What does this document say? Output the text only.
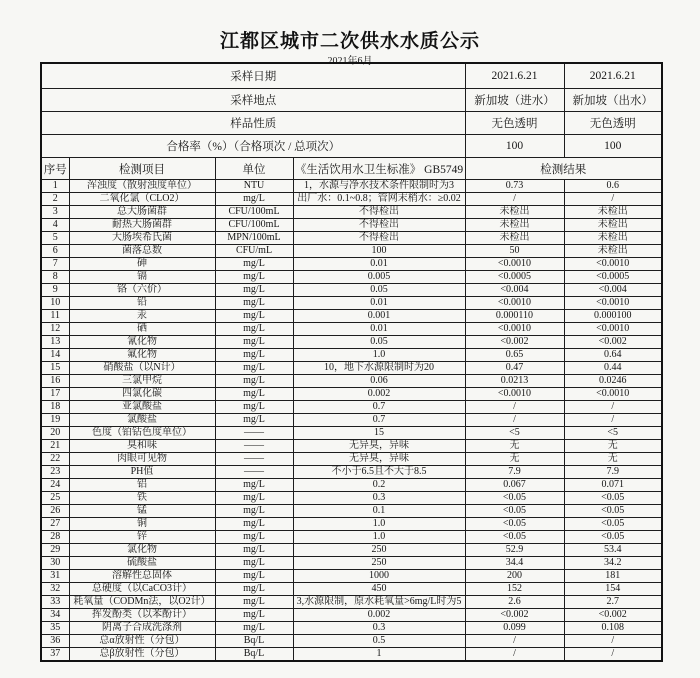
江都区城市二次供水水质公示
2021年6月
采样日期				2021.6.21	2021.6.21
采样地点				新加坡（进水）	新加坡（出水）
样品性质				无色透明	无色透明
合格率（%）（合格项次 / 总项次）				100	100
序号	检测项目	单位	《生活饮用水卫生标准》 GB5749	检测结果	
1	浑浊度（散射浊度单位）	NTU	1，水源与净水技术条件限制时为3	0.73	0.6
2	二氧化氯（CLO2）	mg/L	出厂水：0.1~0.8；管网末梢水：≥0.02	/	/
3	总大肠菌群	CFU/100mL	不得检出	未检出	未检出
4	耐热大肠菌群	CFU/100mL	不得检出	未检出	未检出
5	大肠埃希氏菌	MPN/100mL	不得检出	未检出	未检出
6	菌落总数	CFU/mL	100	50	未检出
7	砷	mg/L	0.01	<0.0010	<0.0010
8	镉	mg/L	0.005	<0.0005	<0.0005
9	铬（六价）	mg/L	0.05	<0.004	<0.004
10	铅	mg/L	0.01	<0.0010	<0.0010
11	汞	mg/L	0.001	0.000110	0.000100
12	硒	mg/L	0.01	<0.0010	<0.0010
13	氰化物	mg/L	0.05	<0.002	<0.002
14	氟化物	mg/L	1.0	0.65	0.64
15	硝酸盐（以N计）	mg/L	10，地下水源限制时为20	0.47	0.44
16	三氯甲烷	mg/L	0.06	0.0213	0.0246
17	四氯化碳	mg/L	0.002	<0.0010	<0.0010
18	亚氯酸盐	mg/L	0.7	/	/
19	氯酸盐	mg/L	0.7	/	/
20	色度（铂钴色度单位）	——	15	<5	<5
21	臭和味	——	无异臭，异味	无	无
22	肉眼可见物	——	无异臭，异味	无	无
23	PH值	——	不小于6.5且不大于8.5	7.9	7.9
24	铝	mg/L	0.2	0.067	0.071
25	铁	mg/L	0.3	<0.05	<0.05
26	锰	mg/L	0.1	<0.05	<0.05
27	铜	mg/L	1.0	<0.05	<0.05
28	锌	mg/L	1.0	<0.05	<0.05
29	氯化物	mg/L	250	52.9	53.4
30	硫酸盐	mg/L	250	34.4	34.2
31	溶解性总固体	mg/L	1000	200	181
32	总硬度（以CaCO3计）	mg/L	450	152	154
33	耗氧量（CODMn法，以O2计）	mg/L	3,水源限制，原水耗氧量>6mg/L时为5	2.6	2.7
34	挥发酚类（以苯酚计）	mg/L	0.002	<0.002	<0.002
35	阴离子合成洗涤剂	mg/L	0.3	0.099	0.108
36	总α放射性（分包）	Bq/L	0.5	/	/
37	总β放射性（分包）	Bq/L	1	/	/
